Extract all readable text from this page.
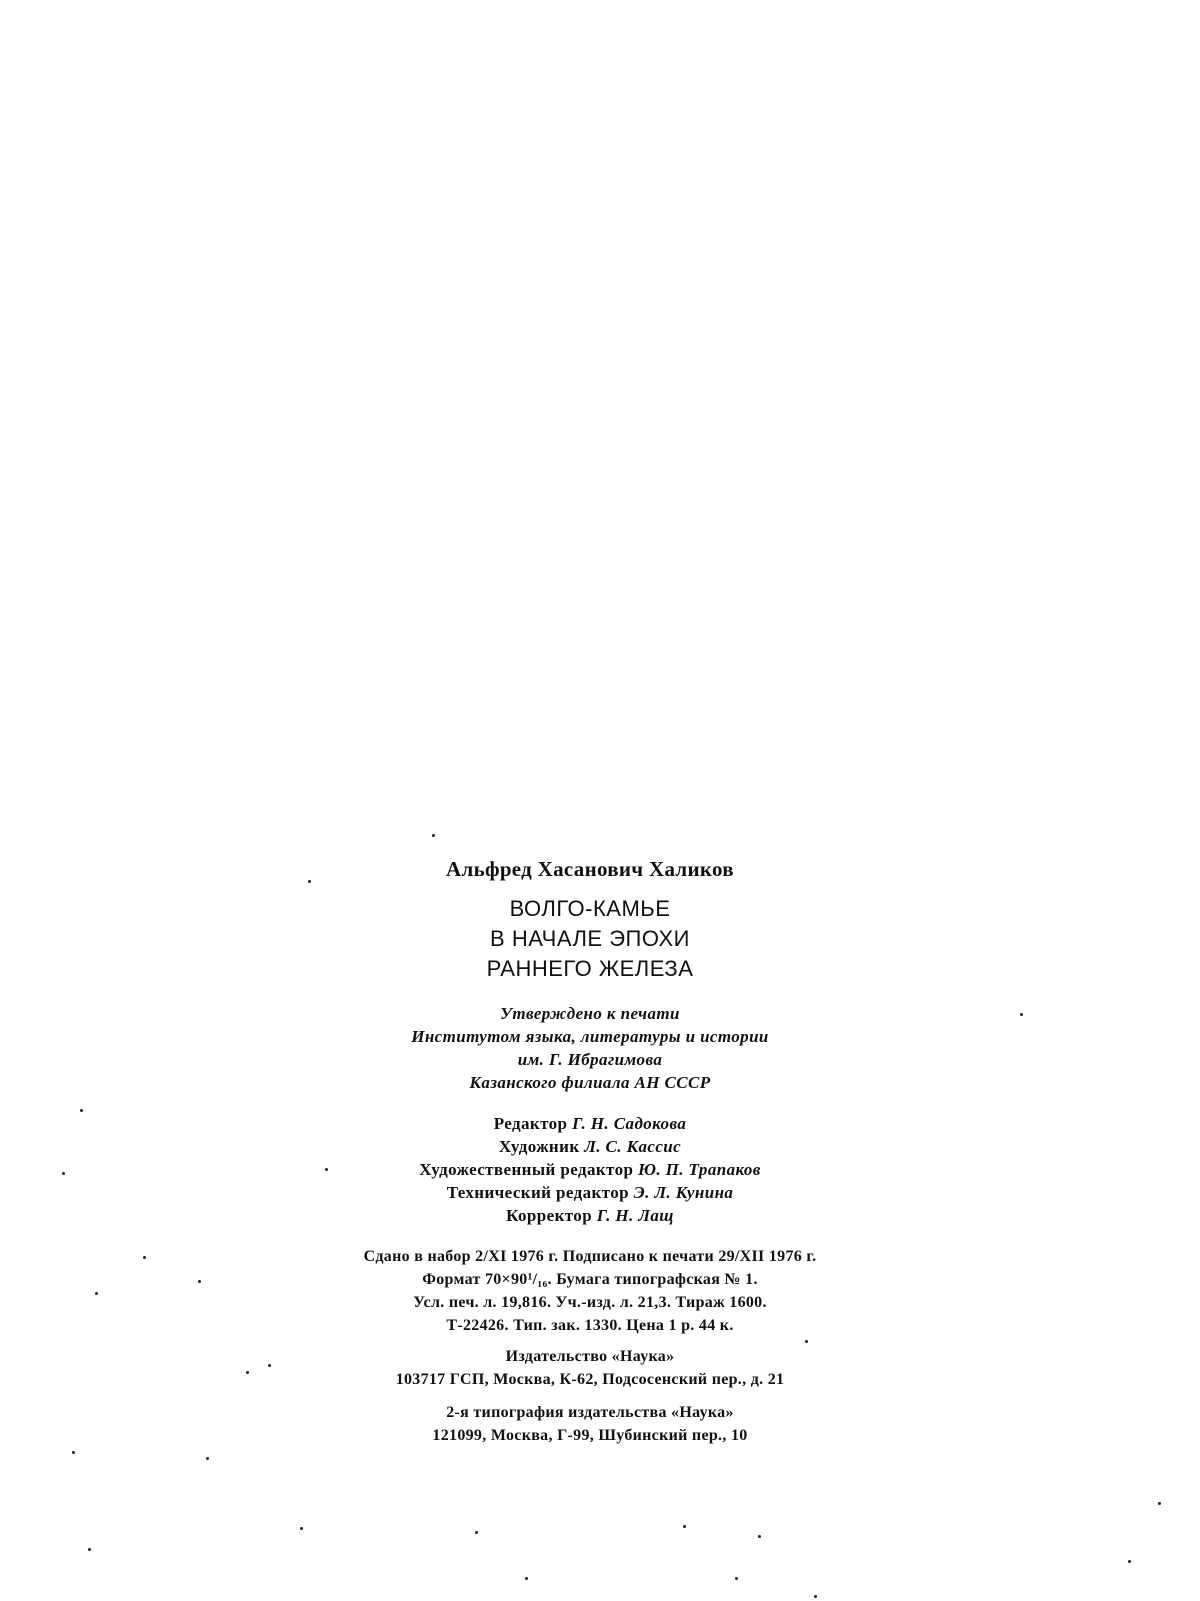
Альфред Хасанович Халиков

ВОЛГО-КАМЬЕ
В НАЧАЛЕ ЭПОХИ
РАННЕГО ЖЕЛЕЗА
Утверждено к печати
Институтом языка, литературы и истории
им. Г. Ибрагимова
Казанского филиала АН СССР
Редактор Г. Н. Садокова
Художник Л. С. Кассис
Художественный редактор Ю. П. Трапаков
Технический редактор Э. Л. Кунина
Корректор Г. Н. Лащ
Сдано в набор 2/XI 1976 г. Подписано к печати 29/XII 1976 г.
Формат 70×90¹/₁₆. Бумага типографская № 1.
Усл. печ. л. 19,816. Уч.-изд. л. 21,3. Тираж 1600.
Т-22426. Тип. зак. 1330. Цена 1 р. 44 к.
Издательство «Наука»
103717 ГСП, Москва, К-62, Подсосенский пер., д. 21
2-я типография издательства «Наука»
121099, Москва, Г-99, Шубинский пер., 10
